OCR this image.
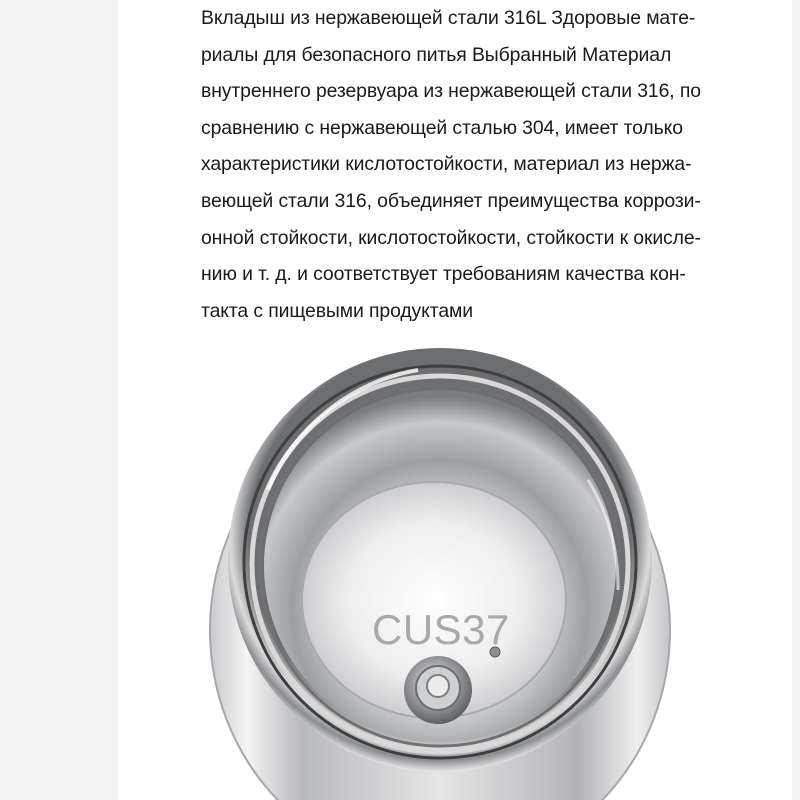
Вкладыш из нержавеющей стали 316L Здоровые мате-
риалы для безопасного питья Выбранный Материал
внутреннего резервуара из нержавеющей стали 316, по
сравнению с нержавеющей сталью 304, имеет только
характеристики кислотостойкости, материал из нержа-
веющей стали 316, объединяет преимущества коррози-
онной стойкости, кислотостойкости, стойкости к окисле-
нию и т. д. и соответствует требованиям качества кон-
такта с пищевыми продуктами
CUS37
